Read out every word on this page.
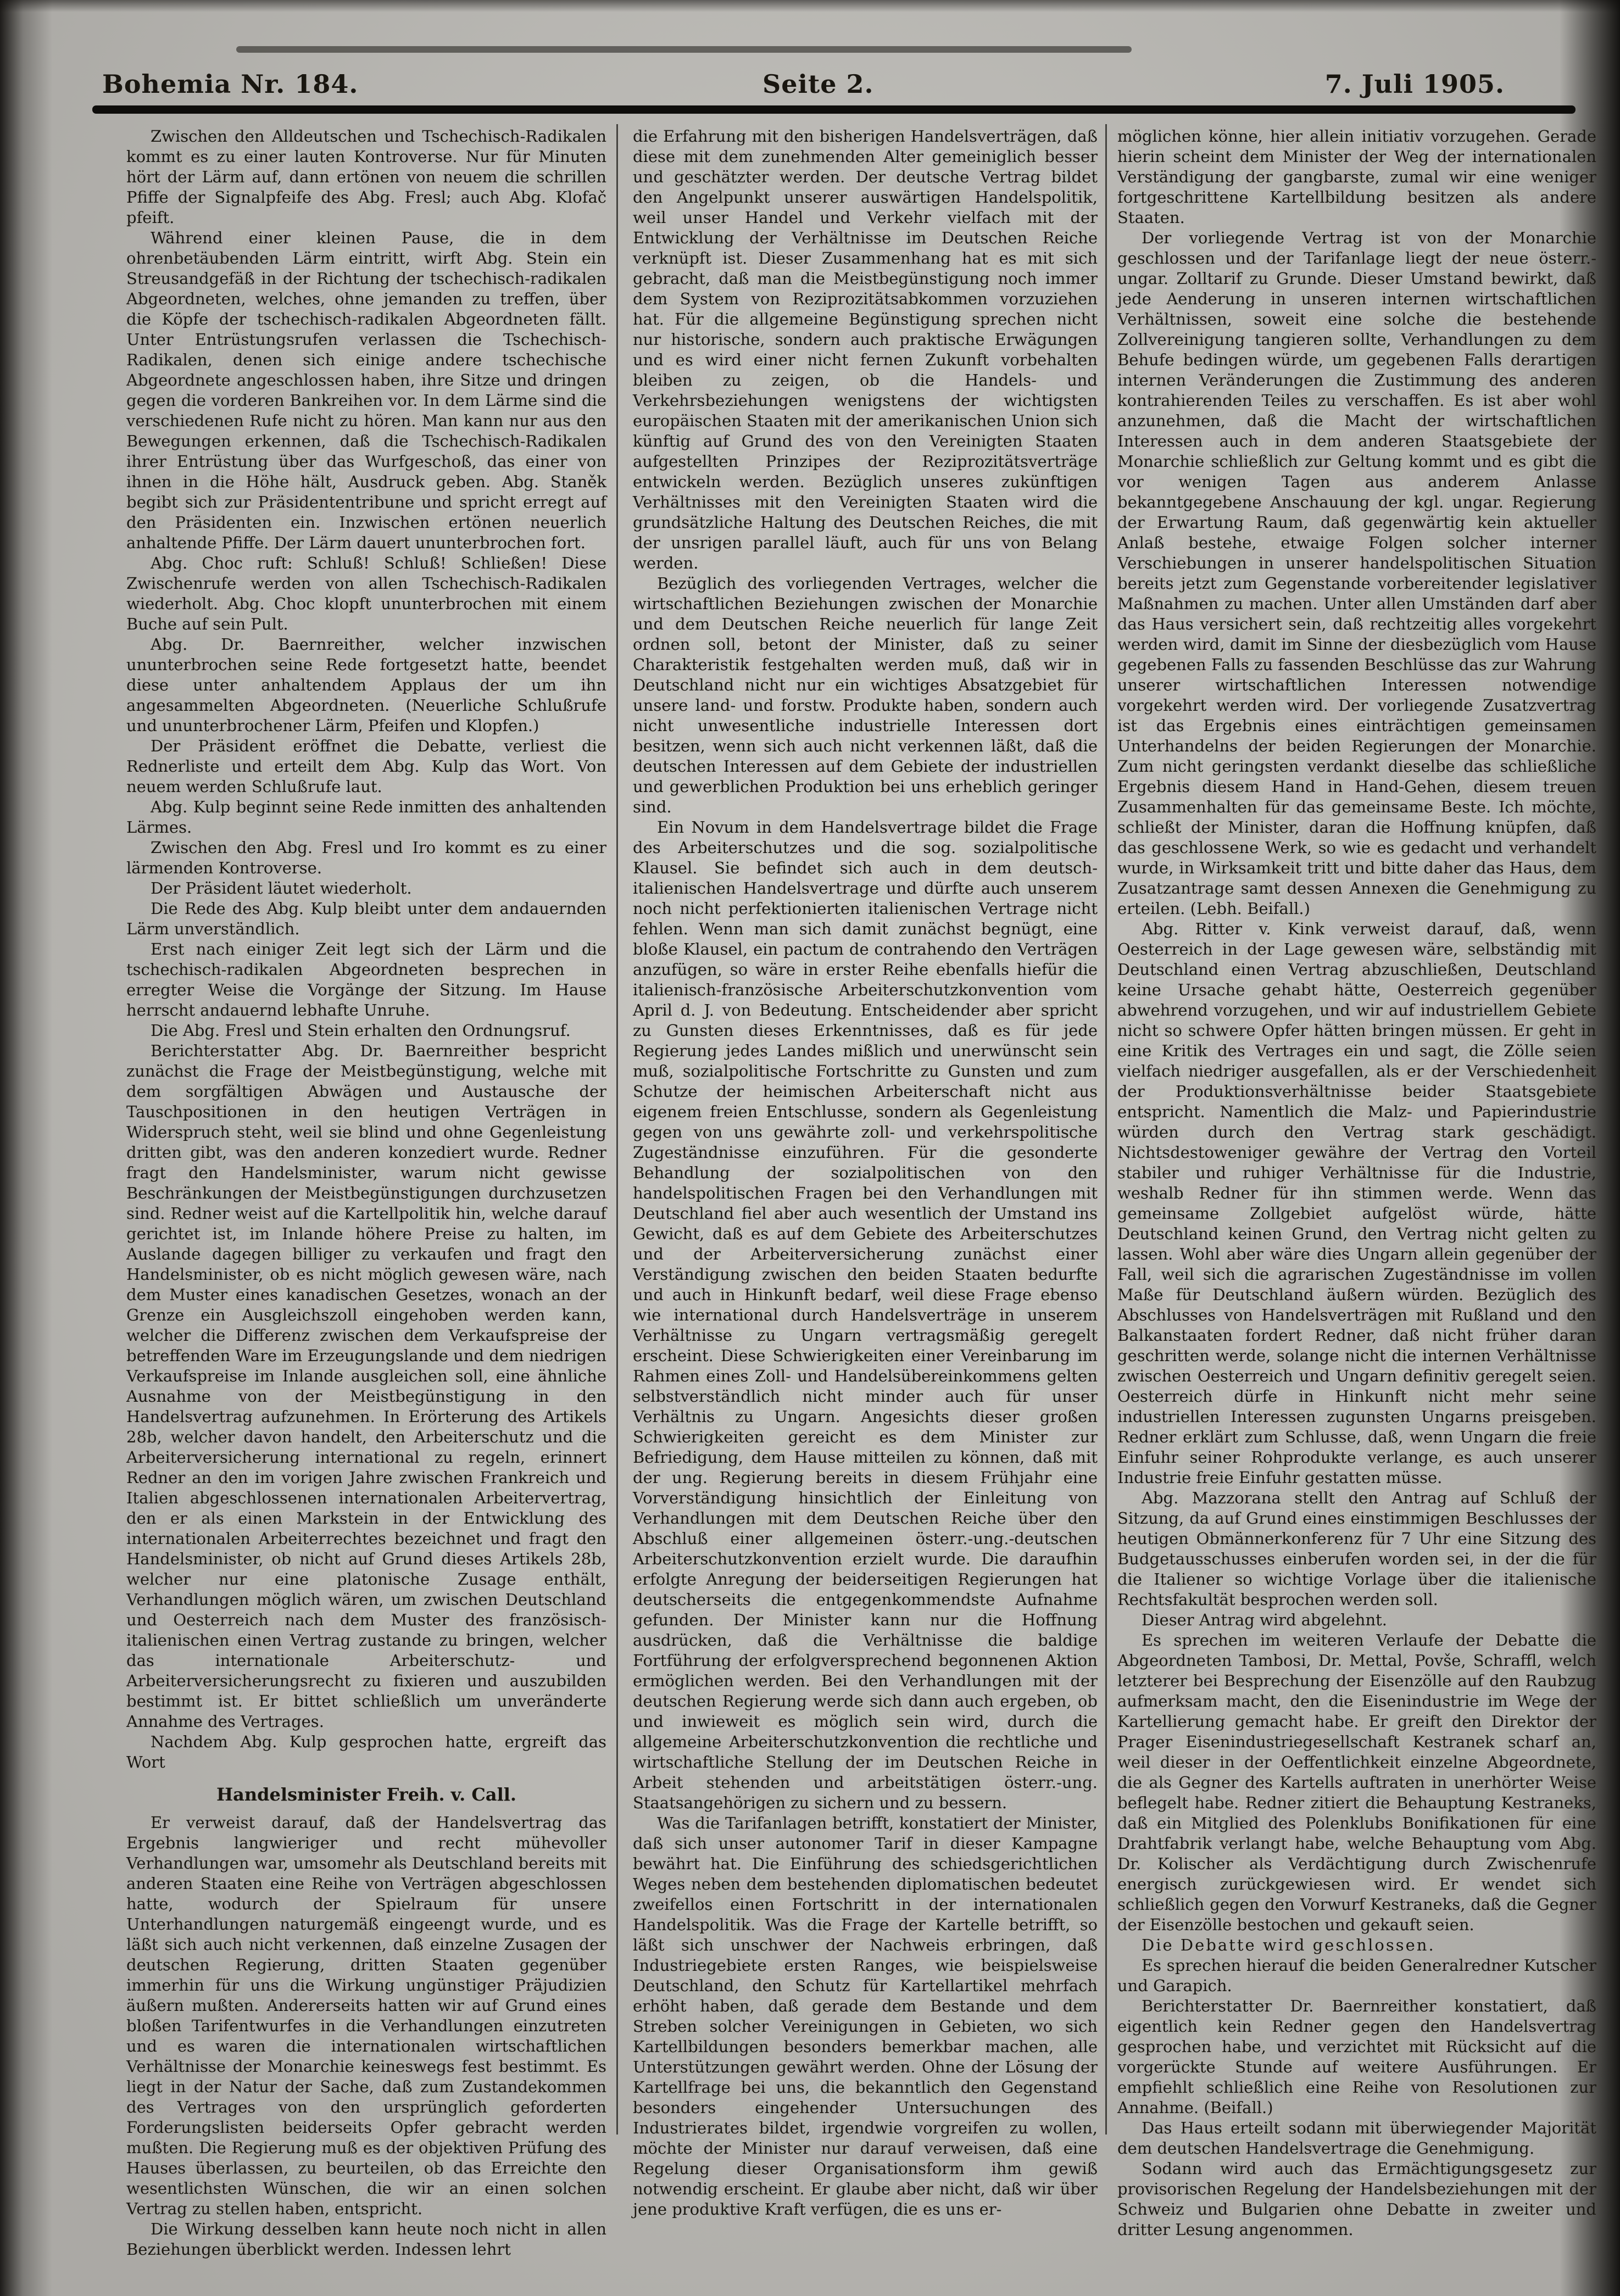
Bohemia Nr. 184.	Seite 2.	7. Juli 1905.

Zwischen den Alldeutschen und Tschechisch-Radikalen kommt es zu einer lauten Kontroverse. Nur für Minuten hört der Lärm auf, dann ertönen von neuem die schrillen Pfiffe der Signalpfeife des Abg. Fresl; auch Abg. Klofač pfeift.

Während einer kleinen Pause, die in dem ohrenbetäubenden Lärm eintritt, wirft Abg. Stein ein Streusandgefäß in der Richtung der tschechisch-radikalen Abgeordneten, welches, ohne jemanden zu treffen, über die Köpfe der tschechisch-radikalen Abgeordneten fällt. Unter Entrüstungsrufen verlassen die Tschechisch-Radikalen, denen sich einige andere tschechische Abgeordnete angeschlossen haben, ihre Sitze und dringen gegen die vorderen Bankreihen vor. In dem Lärme sind die verschiedenen Rufe nicht zu hören. Man kann nur aus den Bewegungen erkennen, daß die Tschechisch-Radikalen ihrer Entrüstung über das Wurfgeschoß, das einer von ihnen in die Höhe hält, Ausdruck geben. Abg. Staněk begibt sich zur Präsidententribune und spricht erregt auf den Präsidenten ein. Inzwischen ertönen neuerlich anhaltende Pfiffe. Der Lärm dauert ununterbrochen fort.

Abg. Choc ruft: Schluß! Schluß! Schließen! Diese Zwischenrufe werden von allen Tschechisch-Radikalen wiederholt. Abg. Choc klopft ununterbrochen mit einem Buche auf sein Pult.

Abg. Dr. Baernreither, welcher inzwischen ununterbrochen seine Rede fortgesetzt hatte, beendet diese unter anhaltendem Applaus der um ihn angesammelten Abgeordneten. (Neuerliche Schlußrufe und ununterbrochener Lärm, Pfeifen und Klopfen.)

Der Präsident eröffnet die Debatte, verliest die Rednerliste und erteilt dem Abg. Kulp das Wort. Von neuem werden Schlußrufe laut.

Abg. Kulp beginnt seine Rede inmitten des anhaltenden Lärmes.

Zwischen den Abg. Fresl und Iro kommt es zu einer lärmenden Kontroverse.

Der Präsident läutet wiederholt.

Die Rede des Abg. Kulp bleibt unter dem andauernden Lärm unverständlich.

Erst nach einiger Zeit legt sich der Lärm und die tschechisch-radikalen Abgeordneten besprechen in erregter Weise die Vorgänge der Sitzung. Im Hause herrscht andauernd lebhafte Unruhe.

Die Abg. Fresl und Stein erhalten den Ordnungsruf.

Berichterstatter Abg. Dr. Baernreither bespricht zunächst die Frage der Meistbegünstigung, welche mit dem sorgfältigen Abwägen und Austausche der Tauschpositionen in den heutigen Verträgen in Widerspruch steht, weil sie blind und ohne Gegenleistung dritten gibt, was den anderen konzediert wurde. Redner fragt den Handelsminister, warum nicht gewisse Beschränkungen der Meistbegünstigungen durchzusetzen sind. Redner weist auf die Kartellpolitik hin, welche darauf gerichtet ist, im Inlande höhere Preise zu halten, im Auslande dagegen billiger zu verkaufen und fragt den Handelsminister, ob es nicht möglich gewesen wäre, nach dem Muster eines kanadischen Gesetzes, wonach an der Grenze ein Ausgleichszoll eingehoben werden kann, welcher die Differenz zwischen dem Verkaufspreise der betreffenden Ware im Erzeugungslande und dem niedrigen Verkaufspreise im Inlande ausgleichen soll, eine ähnliche Ausnahme von der Meistbegünstigung in den Handelsvertrag aufzunehmen. In Erörterung des Artikels 28b, welcher davon handelt, den Arbeiterschutz und die Arbeiterversicherung international zu regeln, erinnert Redner an den im vorigen Jahre zwischen Frankreich und Italien abgeschlossenen internationalen Arbeitervertrag, den er als einen Markstein in der Entwicklung des internationalen Arbeiterrechtes bezeichnet und fragt den Handelsminister, ob nicht auf Grund dieses Artikels 28b, welcher nur eine platonische Zusage enthält, Verhandlungen möglich wären, um zwischen Deutschland und Oesterreich nach dem Muster des französisch-italienischen einen Vertrag zustande zu bringen, welcher das internationale Arbeiterschutz- und Arbeiterversicherungsrecht zu fixieren und auszubilden bestimmt ist. Er bittet schließlich um unveränderte Annahme des Vertrages.

Nachdem Abg. Kulp gesprochen hatte, ergreift das Wort

Handelsminister Freih. v. Call.

Er verweist darauf, daß der Handelsvertrag das Ergebnis langwieriger und recht mühevoller Verhandlungen war, umsomehr als Deutschland bereits mit anderen Staaten eine Reihe von Verträgen abgeschlossen hatte, wodurch der Spielraum für unsere Unterhandlungen naturgemäß eingeengt wurde, und es läßt sich auch nicht verkennen, daß einzelne Zusagen der deutschen Regierung, dritten Staaten gegenüber immerhin für uns die Wirkung ungünstiger Präjudizien äußern mußten. Andererseits hatten wir auf Grund eines bloßen Tarifentwurfes in die Verhandlungen einzutreten und es waren die internationalen wirtschaftlichen Verhältnisse der Monarchie keineswegs fest bestimmt. Es liegt in der Natur der Sache, daß zum Zustandekommen des Vertrages von den ursprünglich geforderten Forderungslisten beiderseits Opfer gebracht werden mußten. Die Regierung muß es der objektiven Prüfung des Hauses überlassen, zu beurteilen, ob das Erreichte den wesentlichsten Wünschen, die wir an einen solchen Vertrag zu stellen haben, entspricht.

Die Wirkung desselben kann heute noch nicht in allen Beziehungen überblickt werden. Indessen lehrt

die Erfahrung mit den bisherigen Handelsverträgen, daß diese mit dem zunehmenden Alter gemeiniglich besser und geschätzter werden. Der deutsche Vertrag bildet den Angelpunkt unserer auswärtigen Handelspolitik, weil unser Handel und Verkehr vielfach mit der Entwicklung der Verhältnisse im Deutschen Reiche verknüpft ist. Dieser Zusammenhang hat es mit sich gebracht, daß man die Meistbegünstigung noch immer dem System von Reziprozitätsabkommen vorzuziehen hat. Für die allgemeine Begünstigung sprechen nicht nur historische, sondern auch praktische Erwägungen und es wird einer nicht fernen Zukunft vorbehalten bleiben zu zeigen, ob die Handels- und Verkehrsbeziehungen wenigstens der wichtigsten europäischen Staaten mit der amerikanischen Union sich künftig auf Grund des von den Vereinigten Staaten aufgestellten Prinzipes der Reziprozitätsverträge entwickeln werden. Bezüglich unseres zukünftigen Verhältnisses mit den Vereinigten Staaten wird die grundsätzliche Haltung des Deutschen Reiches, die mit der unsrigen parallel läuft, auch für uns von Belang werden.

Bezüglich des vorliegenden Vertrages, welcher die wirtschaftlichen Beziehungen zwischen der Monarchie und dem Deutschen Reiche neuerlich für lange Zeit ordnen soll, betont der Minister, daß zu seiner Charakteristik festgehalten werden muß, daß wir in Deutschland nicht nur ein wichtiges Absatzgebiet für unsere land- und forstw. Produkte haben, sondern auch nicht unwesentliche industrielle Interessen dort besitzen, wenn sich auch nicht verkennen läßt, daß die deutschen Interessen auf dem Gebiete der industriellen und gewerblichen Produktion bei uns erheblich geringer sind.

Ein Novum in dem Handelsvertrage bildet die Frage des Arbeiterschutzes und die sog. sozialpolitische Klausel. Sie befindet sich auch in dem deutsch-italienischen Handelsvertrage und dürfte auch unserem noch nicht perfektionierten italienischen Vertrage nicht fehlen. Wenn man sich damit zunächst begnügt, eine bloße Klausel, ein pactum de contrahendo den Verträgen anzufügen, so wäre in erster Reihe ebenfalls hiefür die italienisch-französische Arbeiterschutzkonvention vom April d. J. von Bedeutung. Entscheidender aber spricht zu Gunsten dieses Erkenntnisses, daß es für jede Regierung jedes Landes mißlich und unerwünscht sein muß, sozialpolitische Fortschritte zu Gunsten und zum Schutze der heimischen Arbeiterschaft nicht aus eigenem freien Entschlusse, sondern als Gegenleistung gegen von uns gewährte zoll- und verkehrspolitische Zugeständnisse einzuführen. Für die gesonderte Behandlung der sozialpolitischen von den handelspolitischen Fragen bei den Verhandlungen mit Deutschland fiel aber auch wesentlich der Umstand ins Gewicht, daß es auf dem Gebiete des Arbeiterschutzes und der Arbeiterversicherung zunächst einer Verständigung zwischen den beiden Staaten bedurfte und auch in Hinkunft bedarf, weil diese Frage ebenso wie international durch Handelsverträge in unserem Verhältnisse zu Ungarn vertragsmäßig geregelt erscheint. Diese Schwierigkeiten einer Vereinbarung im Rahmen eines Zoll- und Handelsübereinkommens gelten selbstverständlich nicht minder auch für unser Verhältnis zu Ungarn. Angesichts dieser großen Schwierigkeiten gereicht es dem Minister zur Befriedigung, dem Hause mitteilen zu können, daß mit der ung. Regierung bereits in diesem Frühjahr eine Vorverständigung hinsichtlich der Einleitung von Verhandlungen mit dem Deutschen Reiche über den Abschluß einer allgemeinen österr.-ung.-deutschen Arbeiterschutzkonvention erzielt wurde. Die daraufhin erfolgte Anregung der beiderseitigen Regierungen hat deutscherseits die entgegenkommendste Aufnahme gefunden. Der Minister kann nur die Hoffnung ausdrücken, daß die Verhältnisse die baldige Fortführung der erfolgversprechend begonnenen Aktion ermöglichen werden. Bei den Verhandlungen mit der deutschen Regierung werde sich dann auch ergeben, ob und inwieweit es möglich sein wird, durch die allgemeine Arbeiterschutzkonvention die rechtliche und wirtschaftliche Stellung der im Deutschen Reiche in Arbeit stehenden und arbeitstätigen österr.-ung. Staatsangehörigen zu sichern und zu bessern.

Was die Tarifanlagen betrifft, konstatiert der Minister, daß sich unser autonomer Tarif in dieser Kampagne bewährt hat. Die Einführung des schiedsgerichtlichen Weges neben dem bestehenden diplomatischen bedeutet zweifellos einen Fortschritt in der internationalen Handelspolitik. Was die Frage der Kartelle betrifft, so läßt sich unschwer der Nachweis erbringen, daß Industriegebiete ersten Ranges, wie beispielsweise Deutschland, den Schutz für Kartellartikel mehrfach erhöht haben, daß gerade dem Bestande und dem Streben solcher Vereinigungen in Gebieten, wo sich Kartellbildungen besonders bemerkbar machen, alle Unterstützungen gewährt werden. Ohne der Lösung der Kartellfrage bei uns, die bekanntlich den Gegenstand besonders eingehender Untersuchungen des Industrierates bildet, irgendwie vorgreifen zu wollen, möchte der Minister nur darauf verweisen, daß eine Regelung dieser Organisationsform ihm gewiß notwendig erscheint. Er glaube aber nicht, daß wir über jene produktive Kraft verfügen, die es uns er-

möglichen könne, hier allein initiativ vorzugehen. Gerade hierin scheint dem Minister der Weg der internationalen Verständigung der gangbarste, zumal wir eine weniger fortgeschrittene Kartellbildung besitzen als andere Staaten.

Der vorliegende Vertrag ist von der Monarchie geschlossen und der Tarifanlage liegt der neue österr.-ungar. Zolltarif zu Grunde. Dieser Umstand bewirkt, daß jede Aenderung in unseren internen wirtschaftlichen Verhältnissen, soweit eine solche die bestehende Zollvereinigung tangieren sollte, Verhandlungen zu dem Behufe bedingen würde, um gegebenen Falls derartigen internen Veränderungen die Zustimmung des anderen kontrahierenden Teiles zu verschaffen. Es ist aber wohl anzunehmen, daß die Macht der wirtschaftlichen Interessen auch in dem anderen Staatsgebiete der Monarchie schließlich zur Geltung kommt und es gibt die vor wenigen Tagen aus anderem Anlasse bekanntgegebene Anschauung der kgl. ungar. Regierung der Erwartung Raum, daß gegenwärtig kein aktueller Anlaß bestehe, etwaige Folgen solcher interner Verschiebungen in unserer handelspolitischen Situation bereits jetzt zum Gegenstande vorbereitender legislativer Maßnahmen zu machen. Unter allen Umständen darf aber das Haus versichert sein, daß rechtzeitig alles vorgekehrt werden wird, damit im Sinne der diesbezüglich vom Hause gegebenen Falls zu fassenden Beschlüsse das zur Wahrung unserer wirtschaftlichen Interessen notwendige vorgekehrt werden wird. Der vorliegende Zusatzvertrag ist das Ergebnis eines einträchtigen gemeinsamen Unterhandelns der beiden Regierungen der Monarchie. Zum nicht geringsten verdankt dieselbe das schließliche Ergebnis diesem Hand in Hand-Gehen, diesem treuen Zusammenhalten für das gemeinsame Beste. Ich möchte, schließt der Minister, daran die Hoffnung knüpfen, daß das geschlossene Werk, so wie es gedacht und verhandelt wurde, in Wirksamkeit tritt und bitte daher das Haus, dem Zusatzantrage samt dessen Annexen die Genehmigung zu erteilen. (Lebh. Beifall.)

Abg. Ritter v. Kink verweist darauf, daß, wenn Oesterreich in der Lage gewesen wäre, selbständig mit Deutschland einen Vertrag abzuschließen, Deutschland keine Ursache gehabt hätte, Oesterreich gegenüber abwehrend vorzugehen, und wir auf industriellem Gebiete nicht so schwere Opfer hätten bringen müssen. Er geht in eine Kritik des Vertrages ein und sagt, die Zölle seien vielfach niedriger ausgefallen, als er der Verschiedenheit der Produktionsverhältnisse beider Staatsgebiete entspricht. Namentlich die Malz- und Papierindustrie würden durch den Vertrag stark geschädigt. Nichtsdestoweniger gewähre der Vertrag den Vorteil stabiler und ruhiger Verhältnisse für die Industrie, weshalb Redner für ihn stimmen werde. Wenn das gemeinsame Zollgebiet aufgelöst würde, hätte Deutschland keinen Grund, den Vertrag nicht gelten zu lassen. Wohl aber wäre dies Ungarn allein gegenüber der Fall, weil sich die agrarischen Zugeständnisse im vollen Maße für Deutschland äußern würden. Bezüglich des Abschlusses von Handelsverträgen mit Rußland und den Balkanstaaten fordert Redner, daß nicht früher daran geschritten werde, solange nicht die internen Verhältnisse zwischen Oesterreich und Ungarn definitiv geregelt seien. Oesterreich dürfe in Hinkunft nicht mehr seine industriellen Interessen zugunsten Ungarns preisgeben. Redner erklärt zum Schlusse, daß, wenn Ungarn die freie Einfuhr seiner Rohprodukte verlange, es auch unserer Industrie freie Einfuhr gestatten müsse.

Abg. Mazzorana stellt den Antrag auf Schluß der Sitzung, da auf Grund eines einstimmigen Beschlusses der heutigen Obmännerkonferenz für 7 Uhr eine Sitzung des Budgetausschusses einberufen worden sei, in der die für die Italiener so wichtige Vorlage über die italienische Rechtsfakultät besprochen werden soll.

Dieser Antrag wird abgelehnt.

Es sprechen im weiteren Verlaufe der Debatte die Abgeordneten Tambosi, Dr. Mettal, Povše, Schraffl, welch letzterer bei Besprechung der Eisenzölle auf den Raubzug aufmerksam macht, den die Eisenindustrie im Wege der Kartellierung gemacht habe. Er greift den Direktor der Prager Eisenindustriegesellschaft Kestranek scharf an, weil dieser in der Oeffentlichkeit einzelne Abgeordnete, die als Gegner des Kartells auftraten in unerhörter Weise beflegelt habe. Redner zitiert die Behauptung Kestraneks, daß ein Mitglied des Polenklubs Bonifikationen für eine Drahtfabrik verlangt habe, welche Behauptung vom Abg. Dr. Kolischer als Verdächtigung durch Zwischenrufe energisch zurückgewiesen wird. Er wendet sich schließlich gegen den Vorwurf Kestraneks, daß die Gegner der Eisenzölle bestochen und gekauft seien.

Die Debatte wird geschlossen.

Es sprechen hierauf die beiden Generalredner Kutscher und Garapich.

Berichterstatter Dr. Baernreither konstatiert, daß eigentlich kein Redner gegen den Handelsvertrag gesprochen habe, und verzichtet mit Rücksicht auf die vorgerückte Stunde auf weitere Ausführungen. Er empfiehlt schließlich eine Reihe von Resolutionen zur Annahme. (Beifall.)

Das Haus erteilt sodann mit überwiegender Majorität dem deutschen Handelsvertrage die Genehmigung.

Sodann wird auch das Ermächtigungsgesetz zur provisorischen Regelung der Handelsbeziehungen mit der Schweiz und Bulgarien ohne Debatte in zweiter und dritter Lesung angenommen.
